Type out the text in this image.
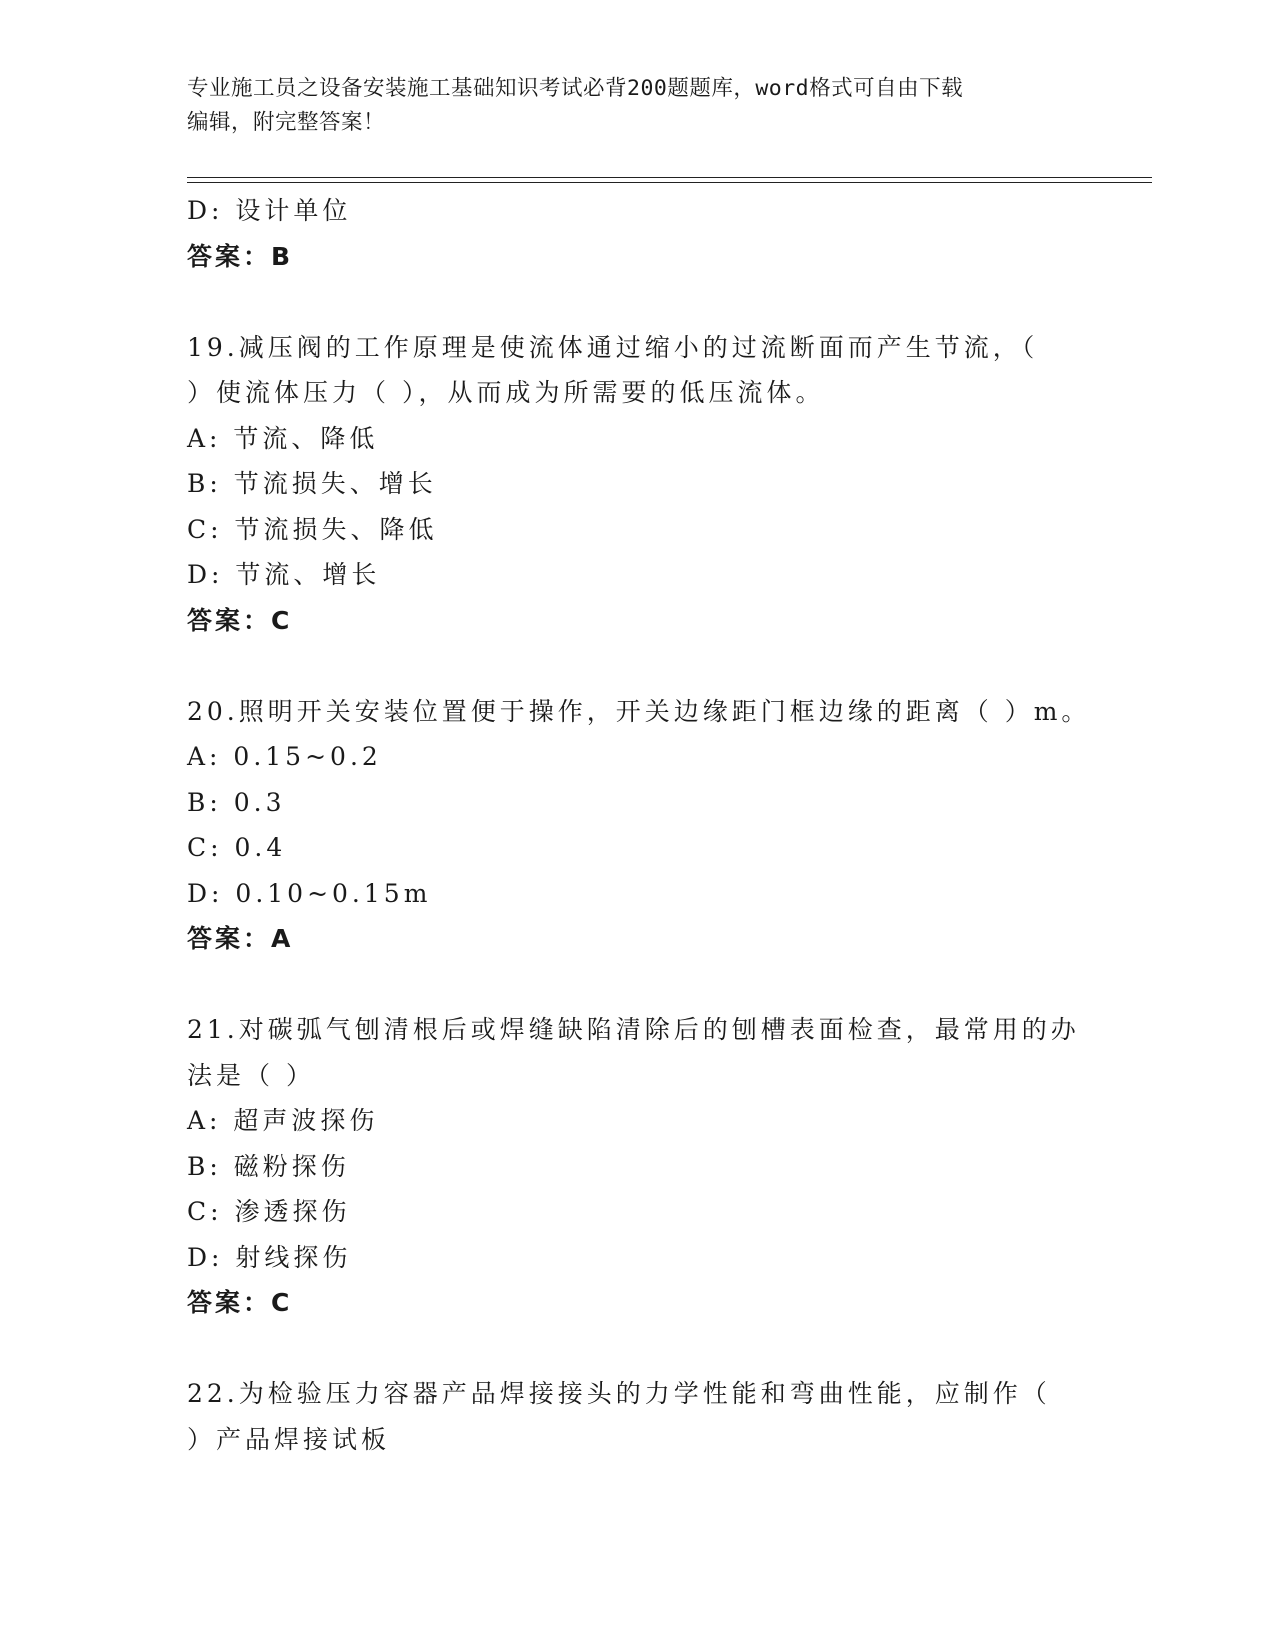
专业施工员之设备安装施工基础知识考试必背200题题库，word格式可自由下载
编辑，附完整答案！
D: 设计单位
答案：B
19.减压阀的工作原理是使流体通过缩小的过流断面而产生节流，（
）使流体压力（ ），从而成为所需要的低压流体。
A: 节流、降低
B: 节流损失、增长
C: 节流损失、降低
D: 节流、增长
答案：C
20.照明开关安装位置便于操作，开关边缘距门框边缘的距离（ ）m。
A: 0.15~0.2
B: 0.3
C: 0.4
D: 0.10~0.15m
答案：A
21.对碳弧气刨清根后或焊缝缺陷清除后的刨槽表面检查，最常用的办
法是（ ）
A: 超声波探伤
B: 磁粉探伤
C: 渗透探伤
D: 射线探伤
答案：C
22.为检验压力容器产品焊接接头的力学性能和弯曲性能，应制作（
）产品焊接试板
